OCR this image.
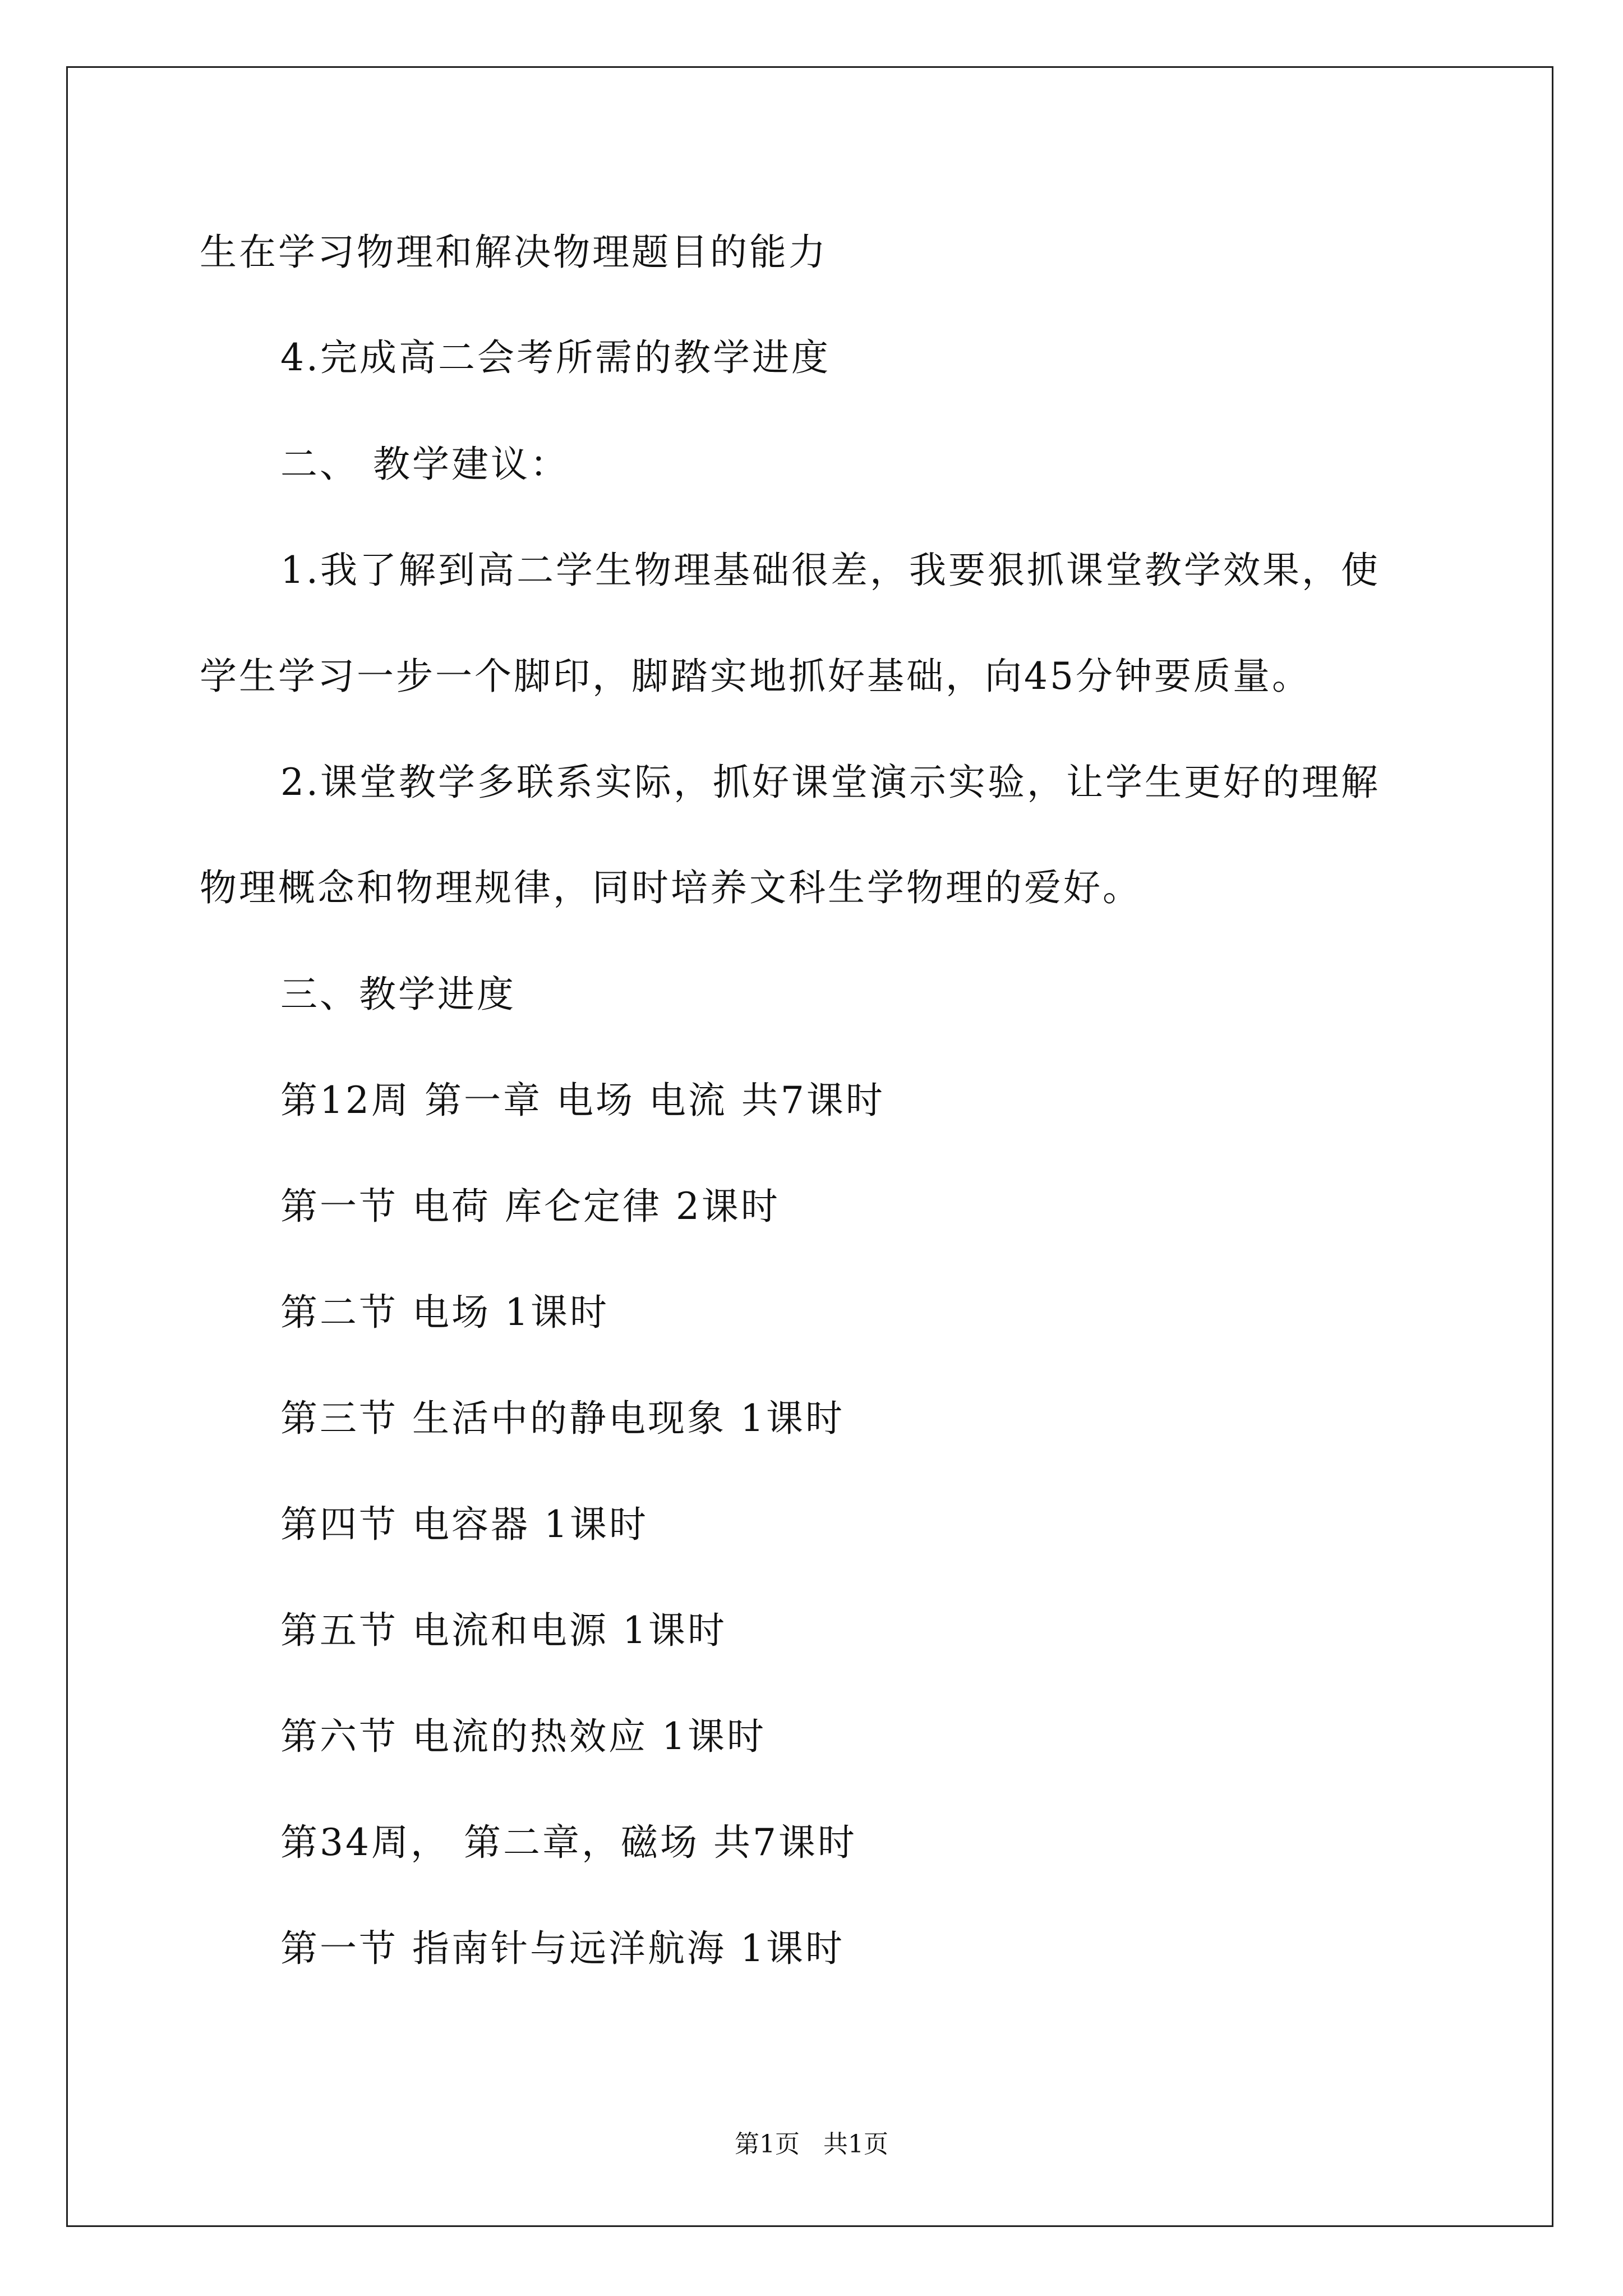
生在学习物理和解决物理题目的能力
4.完成高二会考所需的教学进度
二、 教学建议：
1.我了解到高二学生物理基础很差，我要狠抓课堂教学效果，使
学生学习一步一个脚印，脚踏实地抓好基础，向45分钟要质量。
2.课堂教学多联系实际，抓好课堂演示实验，让学生更好的理解
物理概念和物理规律，同时培养文科生学物理的爱好。
三、教学进度
第12周 第一章 电场 电流 共7课时
第一节 电荷 库仑定律 2课时
第二节 电场 1课时
第三节 生活中的静电现象 1课时
第四节 电容器 1课时
第五节 电流和电源 1课时
第六节 电流的热效应 1课时
第34周， 第二章，磁场 共7课时
第一节 指南针与远洋航海 1课时
第1页   共1页
